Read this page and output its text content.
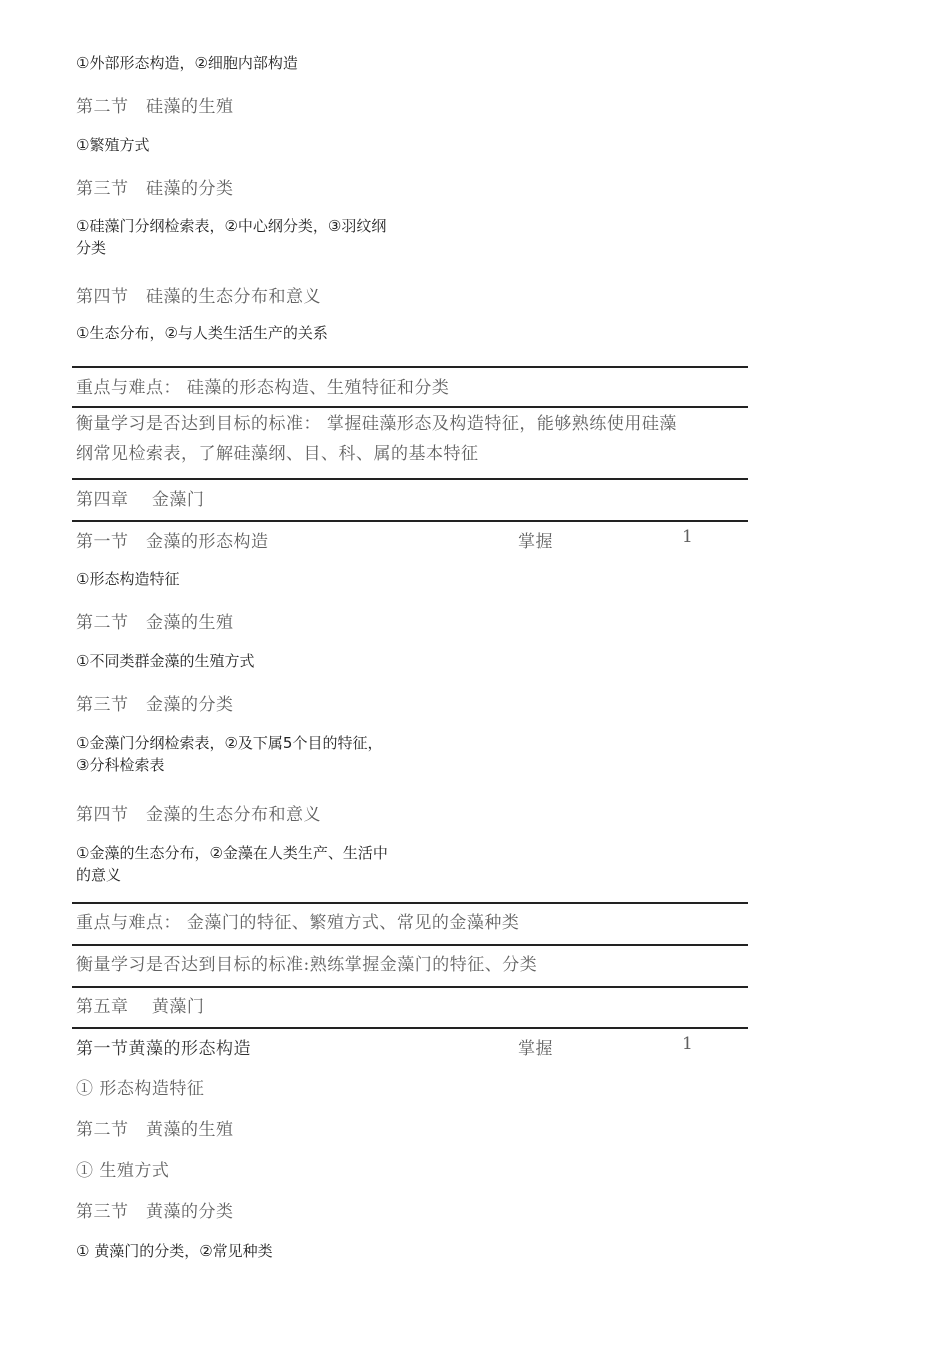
①外部形态构造，②细胞内部构造
第二节　硅藻的生殖
①繁殖方式
第三节　硅藻的分类
①硅藻门分纲检索表，②中心纲分类，③羽纹纲
分类
第四节　硅藻的生态分布和意义
①生态分布，②与人类生活生产的关系
重点与难点： 硅藻的形态构造、生殖特征和分类
衡量学习是否达到目标的标准： 掌握硅藻形态及构造特征，能够熟练使用硅藻
纲常见检索表，了解硅藻纲、目、科、属的基本特征
第四章　 金藻门
第一节　金藻的形态构造	掌握	1
①形态构造特征
第二节　金藻的生殖
①不同类群金藻的生殖方式
第三节　金藻的分类
①金藻门分纲检索表，②及下属5个目的特征，
③分科检索表
第四节　金藻的生态分布和意义
①金藻的生态分布，②金藻在人类生产、生活中
的意义
重点与难点： 金藻门的特征、繁殖方式、常见的金藻种类
衡量学习是否达到目标的标准:熟练掌握金藻门的特征、分类
第五章　 黄藻门
第一节黄藻的形态构造	掌握	1
① 形态构造特征
第二节　黄藻的生殖
① 生殖方式
第三节　黄藻的分类
① 黄藻门的分类，②常见种类
